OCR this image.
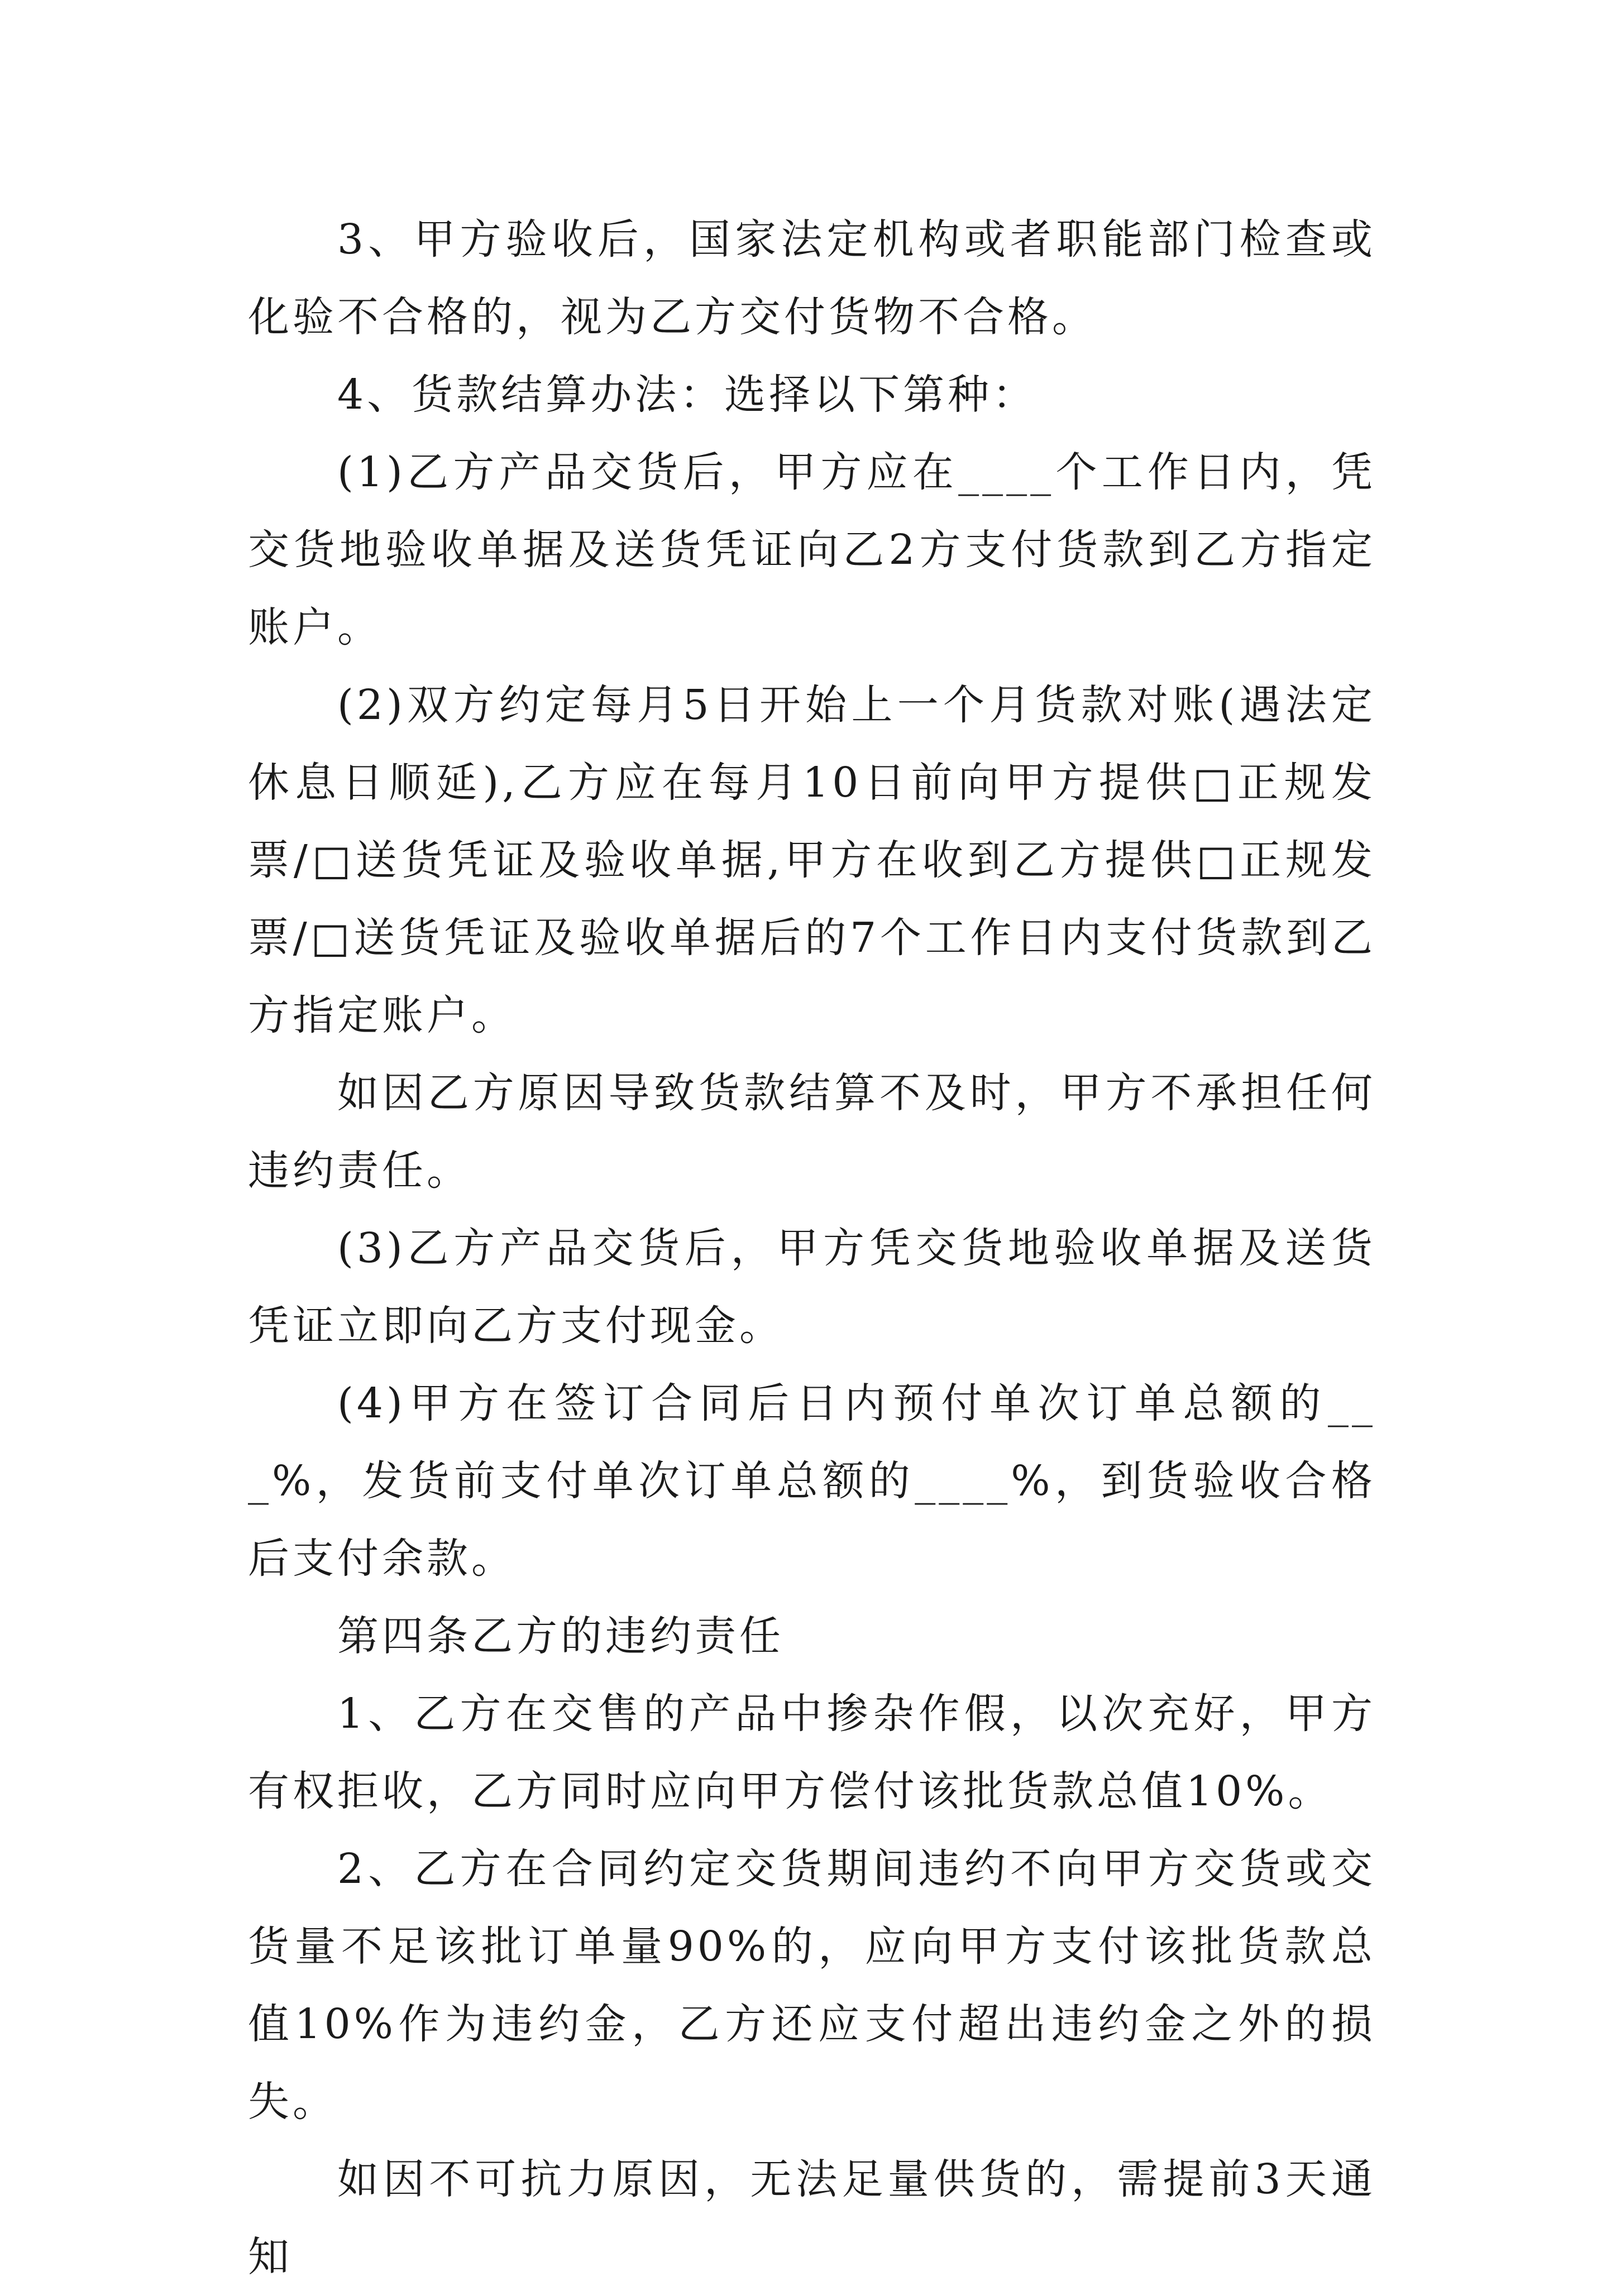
3、甲方验收后，国家法定机构或者职能部门检查或化验不合格的，视为乙方交付货物不合格。

4、货款结算办法：选择以下第种：

(1)乙方产品交货后，甲方应在____个工作日内，凭交货地验收单据及送货凭证向乙2方支付货款到乙方指定账户。

(2)双方约定每月5日开始上一个月货款对账(遇法定休息日顺延),乙方应在每月10日前向甲方提供□正规发票/□送货凭证及验收单据,甲方在收到乙方提供□正规发票/□送货凭证及验收单据后的7个工作日内支付货款到乙方指定账户。

如因乙方原因导致货款结算不及时，甲方不承担任何违约责任。

(3)乙方产品交货后，甲方凭交货地验收单据及送货凭证立即向乙方支付现金。

(4)甲方在签订合同后日内预付单次订单总额的___%，发货前支付单次订单总额的____%，到货验收合格后支付余款。

第四条乙方的违约责任

1、乙方在交售的产品中掺杂作假，以次充好，甲方有权拒收，乙方同时应向甲方偿付该批货款总值10%。

2、乙方在合同约定交货期间违约不向甲方交货或交货量不足该批订单量90%的，应向甲方支付该批货款总值10%作为违约金，乙方还应支付超出违约金之外的损失。

如因不可抗力原因，无法足量供货的，需提前3天通知
